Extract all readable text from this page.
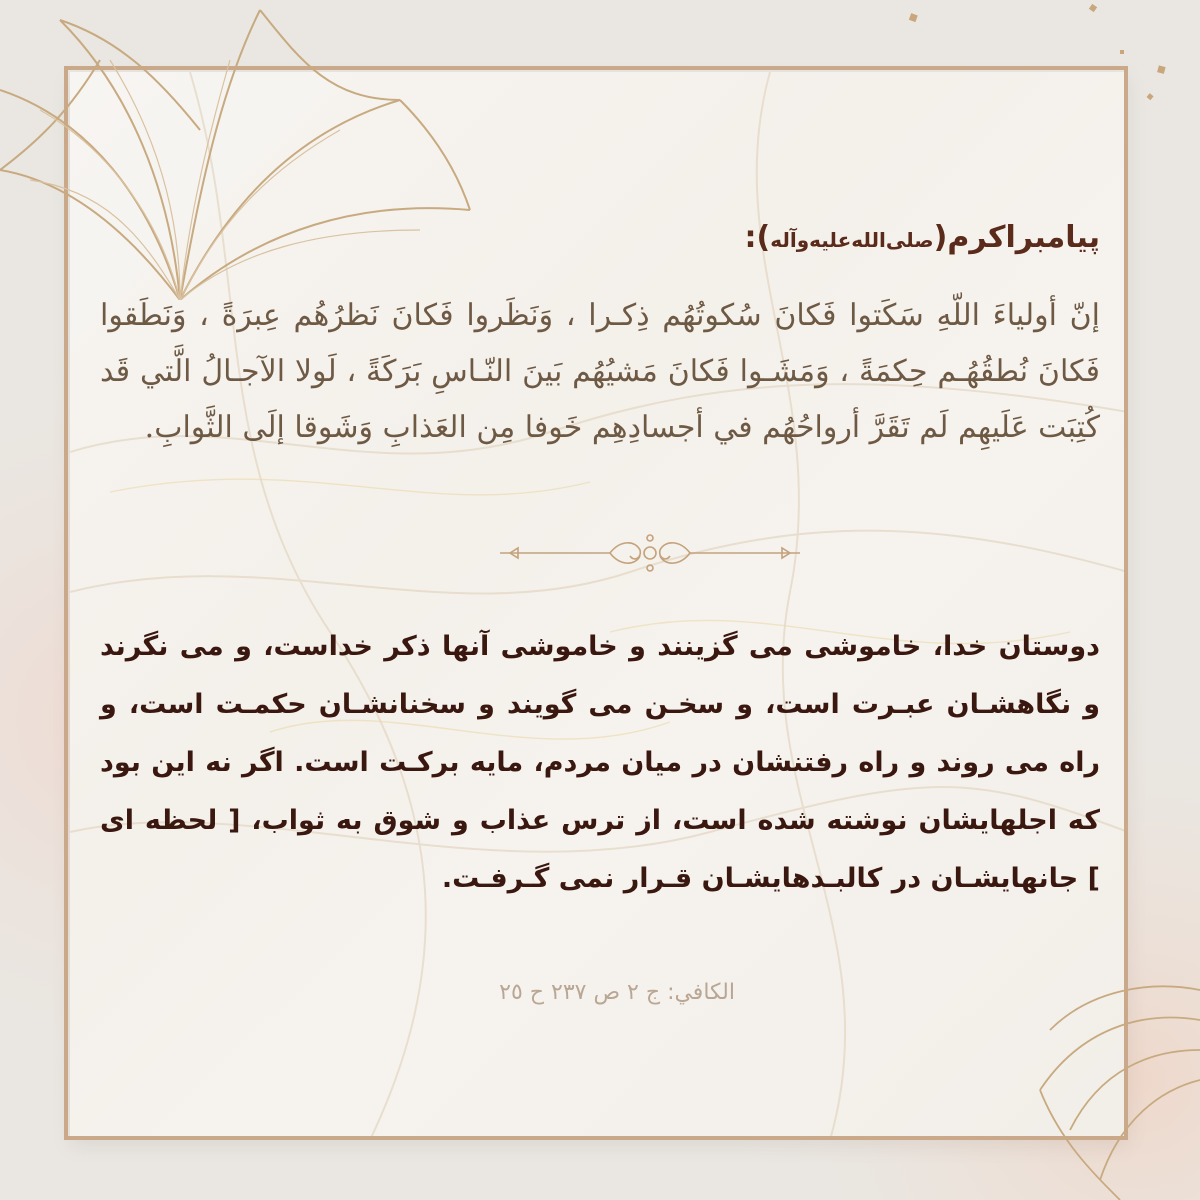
پیامبراکرم(صلی‌الله‌علیه‌وآله):
إنّ أولياءَ اللّهِ سَكَتوا فَكانَ سُكوتُهُم ذِكـرا ، وَنَظَروا فَكانَ نَظرُهُم عِبرَةً ، وَنَطَقوا فَكانَ نُطقُهُـم حِكمَةً ، وَمَشَـوا فَكانَ مَشيُهُم بَينَ النّـاسِ بَرَكَةً ، لَولا الآجـالُ الَّتي قَد كُتِبَت عَلَيهِم لَم تَقَرَّ أرواحُهُم في أجسادِهِم خَوفا مِن العَذابِ وَشَوقا إلَى الثَّوابِ.
دوستان خدا، خاموشی می گزینند و خاموشی آنها ذکر خداست، و می نگرند و نگاهشـان عبـرت است، و سخـن می گویند و سخنانشـان حکمـت است، و راه می روند و راه رفتنشان در میان مردم، مایه برکـت است. اگر نه این بود که اجلهایشان نوشته شده است، از ترس عذاب و شوق به ثواب، [ لحظه ای ] جانهایشـان در کالبـدهایشـان قـرار نمی گـرفـت.
الكافي: ج ٢ ص ٢٣٧ ح ٢٥
